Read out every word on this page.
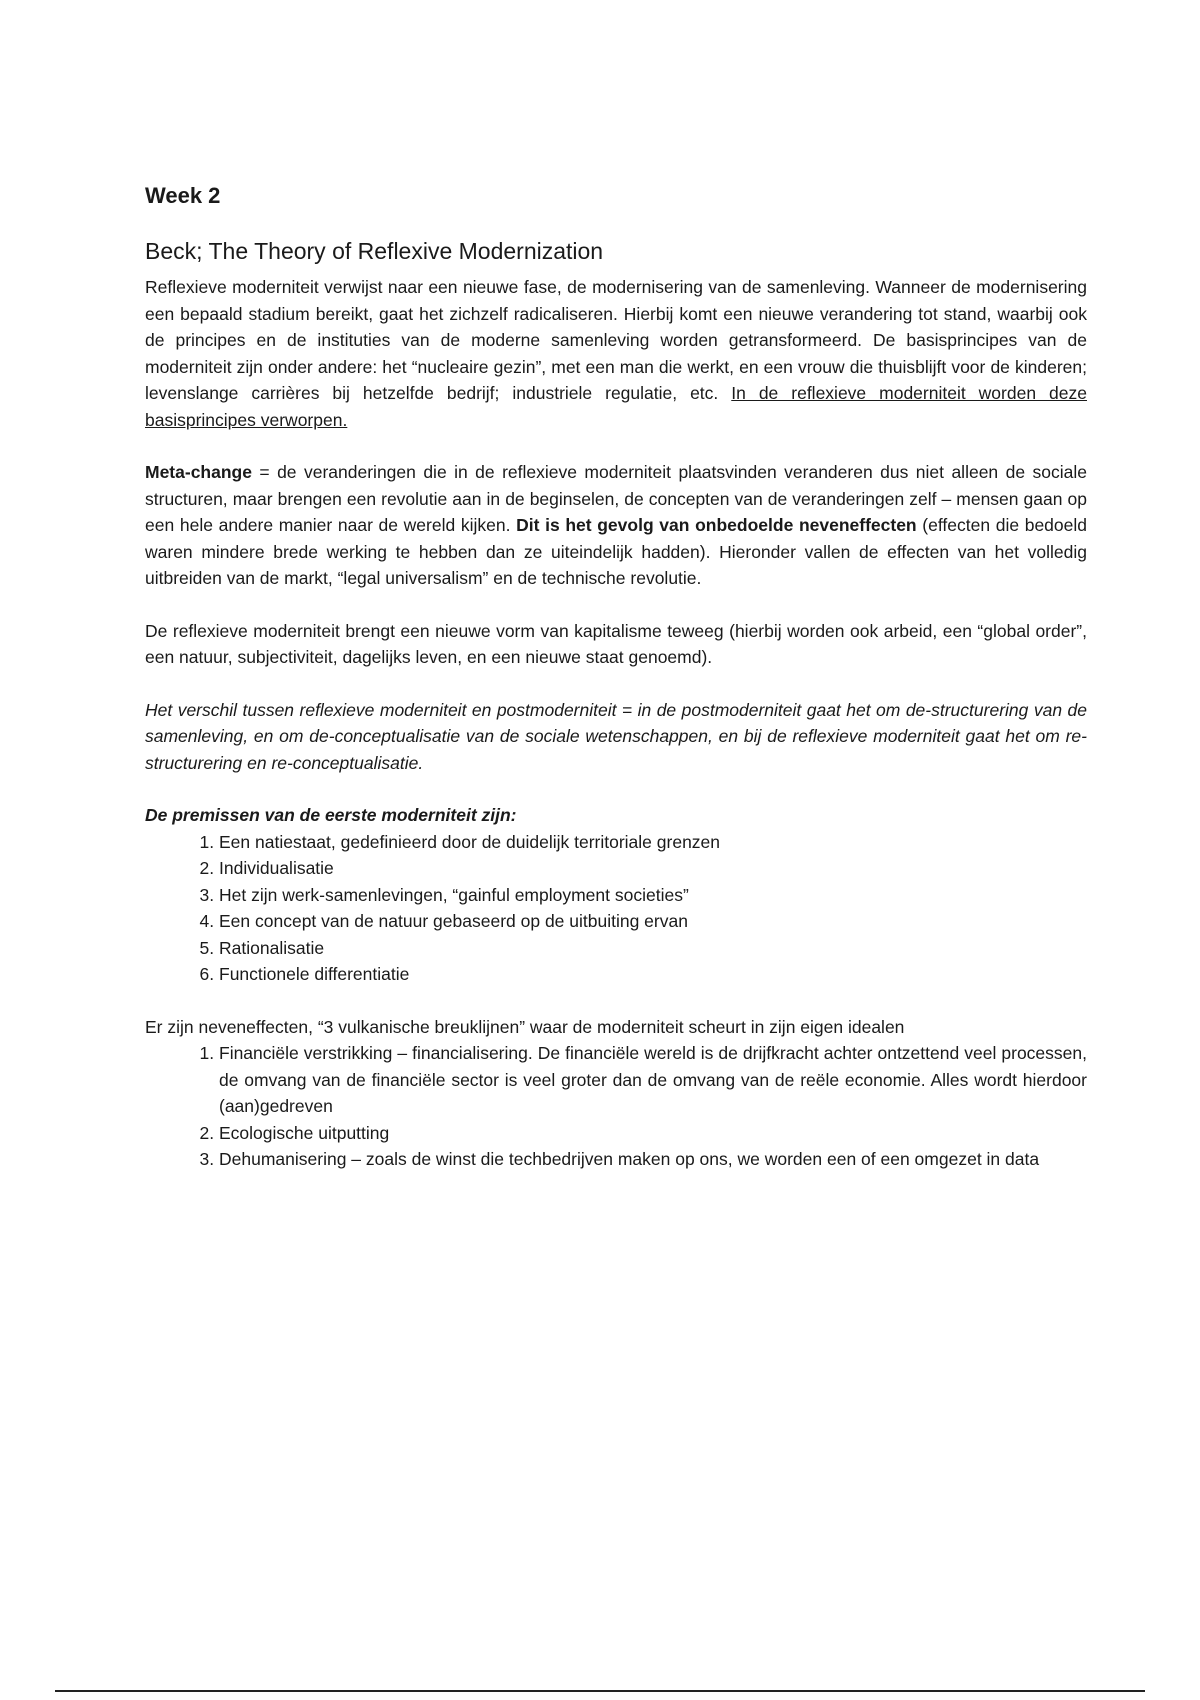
Week 2
Beck; The Theory of Reflexive Modernization

Reflexieve moderniteit verwijst naar een nieuwe fase, de modernisering van de samenleving. Wanneer de modernisering een bepaald stadium bereikt, gaat het zichzelf radicaliseren. Hierbij komt een nieuwe verandering tot stand, waarbij ook de principes en de instituties van de moderne samenleving worden getransformeerd. De basisprincipes van de moderniteit zijn onder andere: het “nucleaire gezin”, met een man die werkt, en een vrouw die thuisblijft voor de kinderen; levenslange carrières bij hetzelfde bedrijf; industriele regulatie, etc. In de reflexieve moderniteit worden deze basisprincipes verworpen.

Meta-change = de veranderingen die in de reflexieve moderniteit plaatsvinden veranderen dus niet alleen de sociale structuren, maar brengen een revolutie aan in de beginselen, de concepten van de veranderingen zelf – mensen gaan op een hele andere manier naar de wereld kijken. Dit is het gevolg van onbedoelde neveneffecten (effecten die bedoeld waren mindere brede werking te hebben dan ze uiteindelijk hadden). Hieronder vallen de effecten van het volledig uitbreiden van de markt, “legal universalism” en de technische revolutie.

De reflexieve moderniteit brengt een nieuwe vorm van kapitalisme teweeg (hierbij worden ook arbeid, een “global order”, een natuur, subjectiviteit, dagelijks leven, en een nieuwe staat genoemd).

Het verschil tussen reflexieve moderniteit en postmoderniteit = in de postmoderniteit gaat het om de-structurering van de samenleving, en om de-conceptualisatie van de sociale wetenschappen, en bij de reflexieve moderniteit gaat het om re-structurering en re-conceptualisatie.

De premissen van de eerste moderniteit zijn:

1. Een natiestaat, gedefinieerd door de duidelijk territoriale grenzen
2. Individualisatie
3. Het zijn werk-samenlevingen, “gainful employment societies”
4. Een concept van de natuur gebaseerd op de uitbuiting ervan
5. Rationalisatie
6. Functionele differentiatie

Er zijn neveneffecten, “3 vulkanische breuklijnen” waar de moderniteit scheurt in zijn eigen idealen

1. Financiële verstrikking – financialisering. De financiële wereld is de drijfkracht achter ontzettend veel processen, de omvang van de financiële sector is veel groter dan de omvang van de reële economie. Alles wordt hierdoor (aan)gedreven
2. Ecologische uitputting
3. Dehumanisering – zoals de winst die techbedrijven maken op ons, we worden een of een omgezet in data
